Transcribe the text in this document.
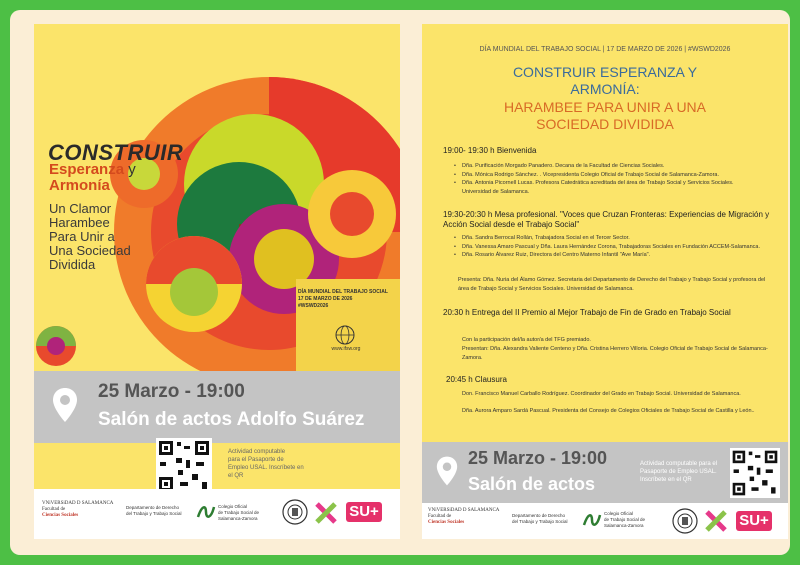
CONSTRUIR

Esperanza y
Armonía

Un Clamor
Harambee
Para Unir a
Una Sociedad
Dividida

DÍA MUNDIAL DEL TRABAJO SOCIAL
17 DE MARZO DE 2026
#WSWD2026

www.ifsw.org

25 Marzo - 19:00

Salón de actos Adolfo Suárez

Actividad computable
para el Pasaporte de
Empleo USAL. Inscríbete en
el QR

VNiVERSiDAD D SALAMANCA
Facultad de
Ciencias Sociales
Departamento de Derecho
del Trabajo y Trabajo Social
Colegio Oficial
de Trabajo Social de
Salamanca-Zamora	SU+

DÍA MUNDIAL DEL TRABAJO SOCIAL | 17 DE MARZO DE 2026 | #WSWD2026

CONSTRUIR ESPERANZA Y
ARMONÍA:

HARAMBEE PARA UNIR A UNA
SOCIEDAD DIVIDIDA

19:00- 19:30 h Bienvenida

• Dña. Purificación Morgado Panadero. Decana de la Facultad de Ciencias Sociales.
• Dña. Mónica Rodrigo Sánchez. . Vicepresidenta Colegio Oficial de Trabajo Social de Salamanca-Zamora.
• Dña. Antonia Picornell Lucas. Profesora Catedrática acreditada del área de Trabajo Social y Servicios Sociales. Universidad de Salamanca.

19:30-20:30 h Mesa profesional. "Voces que Cruzan Fronteras: Experiencias de Migración y Acción Social desde el Trabajo Social"

• Dña. Sandra Berrocal Rollán, Trabajadora Social en el Tercer Sector.
• Dña. Vanessa Amaro Pascual y Dña. Laura Hernández Corona, Trabajadoras Sociales en Fundación ACCEM-Salamanca.
• Dña. Rosario Álvarez Ruiz, Directora del Centro Materno Infantil "Ave María".

Presenta: Dña. Nuria del Álamo Gómez. Secretaria del Departamento de Derecho del Trabajo y Trabajo Social y profesora del área de Trabajo Social y Servicios Sociales. Universidad de Salamanca.

20:30 h Entrega del II Premio al Mejor Trabajo de Fin de Grado en Trabajo Social

Con la participación del/la autor/a del TFG premiado.

Presentan: Dña. Alexandra Valiente Centeno y Dña. Cristina Herrero Villoria. Colegio Oficial de Trabajo Social de Salamanca-Zamora.

20:45 h Clausura

Don. Francisco Manuel Carballo Rodríguez. Coordinador del Grado en Trabajo Social. Universidad de Salamanca.

Dña. Aurora Amparo Sardá Pascual. Presidenta del Consejo de Colegios Oficiales de Trabajo Social de Castilla y León..

25 Marzo - 19:00

Salón de actos

Actividad computable para el
Pasaporte de Empleo USAL.
Inscríbete en el QR

VNiVERSiDAD D SALAMANCA
Facultad de
Ciencias Sociales
Departamento de Derecho
del Trabajo y Trabajo Social
Colegio Oficial
de Trabajo Social de
Salamanca-Zamora	SU+
